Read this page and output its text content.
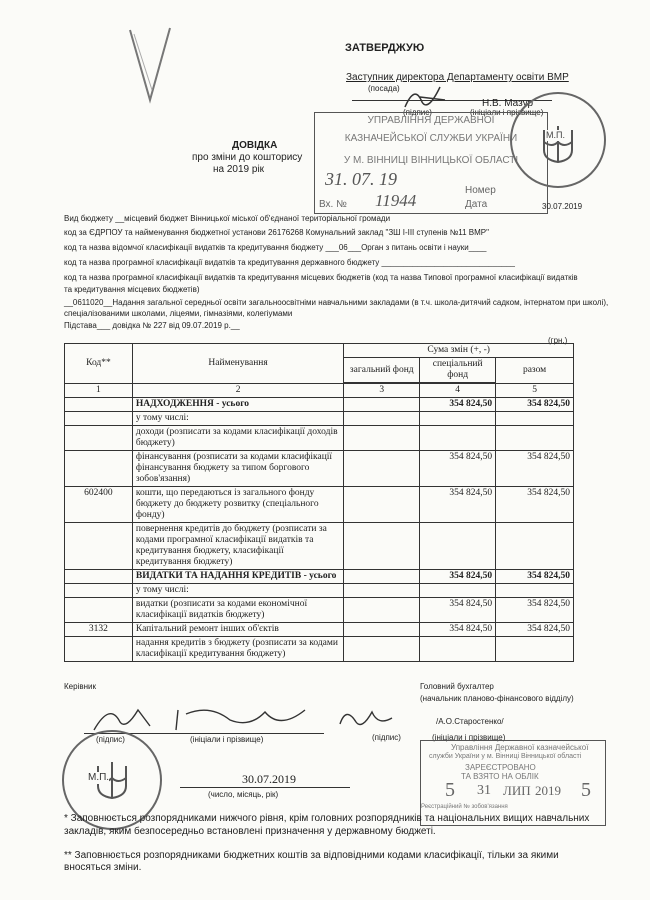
ЗАТВЕРДЖУЮ
Заступник директора Департаменту освіти ВМР
(посада)
Н.В. Мазур
(підпис)	(ініціали і прізвище)
УПРАВЛІННЯ ДЕРЖАВНОЇ
КАЗНАЧЕЙСЬКОЇ СЛУЖБИ УКРАЇНИ
У М. ВІННИЦІ ВІННИЦЬКОЇ ОБЛАСТІ
31. 07. 19
Номер
Вх. № 11944	Дата
М.П.
30.07.2019
ДОВІДКА
про зміни до кошторису
на 2019 рік
Вид бюджету __місцевий бюджет Вінницької міської об'єднаної територіальної громади
код за ЄДРПОУ та найменування бюджетної установи 26176268 Комунальний заклад "ЗШ І-ІІІ ступенів №11 ВМР"
код та назва відомчої класифікації видатків та кредитування бюджету ___06___Орган з питань освіти і науки____
код та назва програмної класифікації видатків та кредитування державного бюджету ______________________________
код та назва програмної класифікації видатків та кредитування місцевих бюджетів (код та назва Типової програмної класифікації видатків
та кредитування місцевих бюджетів)
__0611020__Надання загальної середньої освіти загальноосвітніми навчальними закладами (в т.ч. школа-дитячий садком, інтернатом при школі),
спеціалізованими школами, ліцеями, гімназіями, колегіумами
Підстава___ довідка № 227 від 09.07.2019 р.__
(грн.)
Код**	Найменування	Сума змін (+, -)		
		загальний фонд	спеціальний фонд	разом

1	2	3	4	5
	НАДХОДЖЕННЯ - усього		354 824,50	354 824,50
	у тому числі:			
	доходи (розписати за кодами класифікації доходів бюджету)			
	фінансування (розписати за кодами класифікації фінансування бюджету за типом боргового зобов'язання)		354 824,50	354 824,50
602400	кошти, що передаються із загального фонду бюджету до бюджету розвитку (спеціального фонду)		354 824,50	354 824,50
	повернення кредитів до бюджету (розписати за кодами програмної класифікації видатків та кредитування бюджету, класифікації кредитування бюджету)			
	ВИДАТКИ ТА НАДАННЯ КРЕДИТІВ - усього		354 824,50	354 824,50
	у тому числі:			
	видатки (розписати за кодами економічної класифікації видатків бюджету)		354 824,50	354 824,50
3132	Капітальний ремонт інших об'єктів		354 824,50	354 824,50
	надання кредитів з бюджету (розписати за кодами класифікації кредитування бюджету)			
Керівник	Головний бухгалтер
(начальник планово-фінансового відділу)
(підпис)	(ініціали і прізвище)
/А.О.Старостенко/
(підпис)	(ініціали і прізвище)
М.П.	30.07.2019
(число, місяць, рік)
Управління Державної казначейської
служби України у м. Вінниці Вінницької області
ЗАРЕЄСТРОВАНО
ТА ВЗЯТО НА ОБЛІК
31 ЛИП 2019
5	5
Реєстраційний № зобов'язання
* Заповнюється розпорядниками нижчого рівня, крім головних розпорядників та національних вищих навчальних закладів, яким безпосередньо встановлені призначення у державному бюджеті.
** Заповнюється розпорядниками бюджетних коштів за відповідними кодами класифікації, тільки за якими вносяться зміни.
